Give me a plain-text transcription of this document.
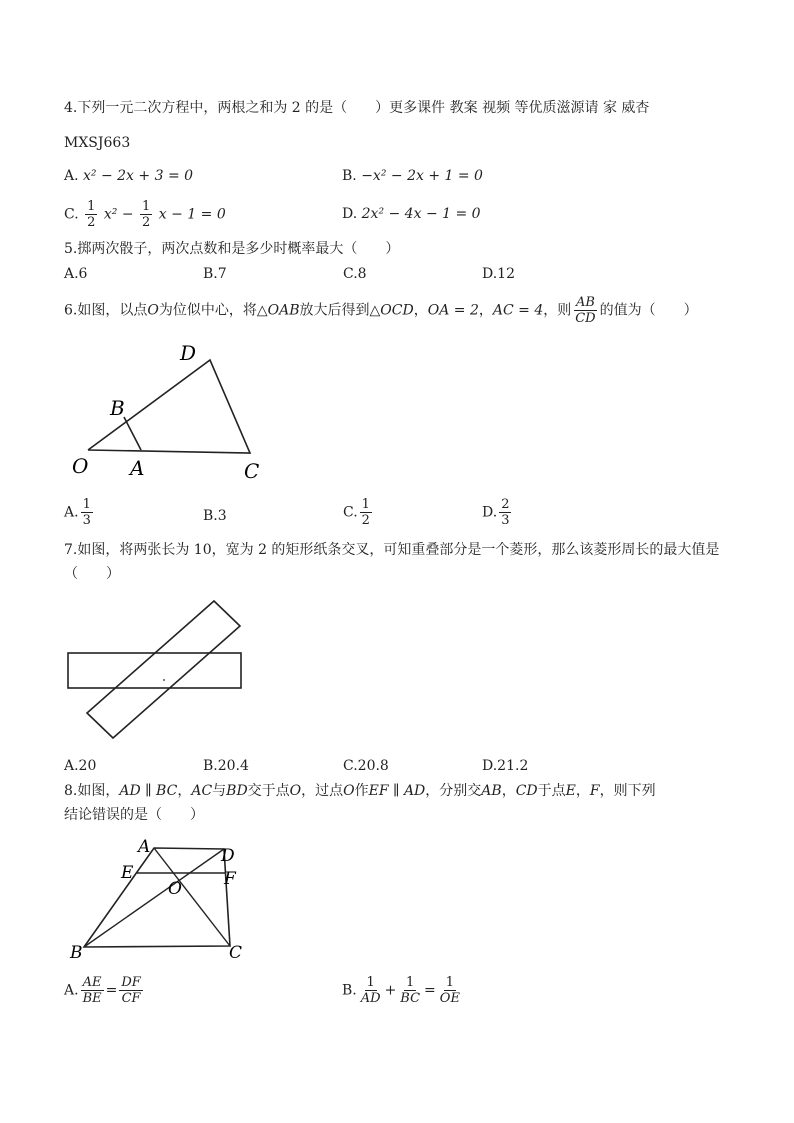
4.下列一元二次方程中，两根之和为 2 的是（　　）更多课件 教案 视频 等优质滋源请 家 威杏
MXSJ663
A. x² − 2x + 3 = 0	B. −x² − 2x + 1 = 0
C. $\frac{1}{2} x^2 - \frac{1}{2}$ x − 1 = 0	D. 2x² − 4x − 1 = 0
5.掷两次骰子，两次点数和是多少时概率最大（　　）
A.6	B.7	C.8	D.12
6.如图，以点O为位似中心，将△OAB放大后得到△OCD，OA = 2，AC = 4，则 $\frac{AB}{CD}$ 的值为（　　）
D
B
O A	C
A. $\frac{1}{3}$	B.3	C. $\frac{1}{2}$	D. $\frac{2}{3}$
7.如图，将两张长为 10，宽为 2 的矩形纸条交叉，可知重叠部分是一个菱形，那么该菱形周长的最大值是
（　　）
A.20	B.20.4	C.20.8	D.21.2
8.如图，AD ∥ BC，AC与BD交于点O，过点O作EF ∥ AD，分别交AB，CD于点E，F，则下列
结论错误的是（　　）
A	D
E	F
O
B	C
A. $\frac{AE}{BE} = \frac{DF}{CF}$	B. $\frac{1}{AD} + \frac{1}{BC} = \frac{1}{OE}$
